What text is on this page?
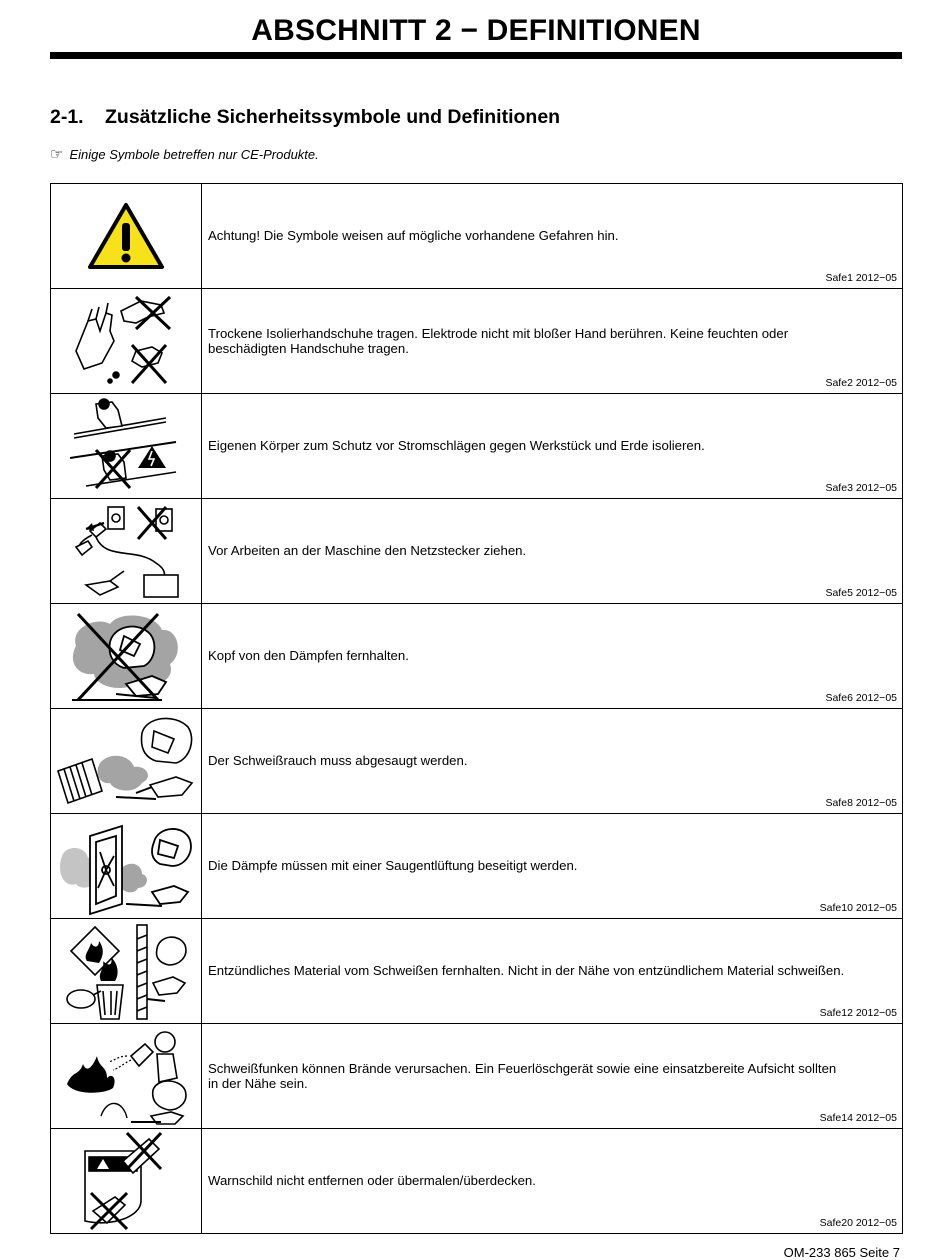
ABSCHNITT 2 − DEFINITIONEN
2-1. Zusätzliche Sicherheitssymbole und Definitionen
☞ Einige Symbole betreffen nur CE-Produkte.

Achtung! Die Symbole weisen auf mögliche vorhandene Gefahren hin.
Safe1 2012−05

Trockene Isolierhandschuhe tragen. Elektrode nicht mit bloßer Hand berühren. Keine feuchten oder beschädigten Handschuhe tragen.
Safe2 2012−05

Eigenen Körper zum Schutz vor Stromschlägen gegen Werkstück und Erde isolieren.
Safe3 2012−05

Vor Arbeiten an der Maschine den Netzstecker ziehen.
Safe5 2012−05

Kopf von den Dämpfen fernhalten.
Safe6 2012−05

Der Schweißrauch muss abgesaugt werden.
Safe8 2012−05

Die Dämpfe müssen mit einer Saugentlüftung beseitigt werden.
Safe10 2012−05

Entzündliches Material vom Schweißen fernhalten. Nicht in der Nähe von entzündlichem Material schweißen.
Safe12 2012−05

Schweißfunken können Brände verursachen. Ein Feuerlöschgerät sowie eine einsatzbereite Aufsicht sollten in der Nähe sein.
Safe14 2012−05

Warnschild nicht entfernen oder übermalen/überdecken.
Safe20 2012−05
OM-233 865 Seite 7
